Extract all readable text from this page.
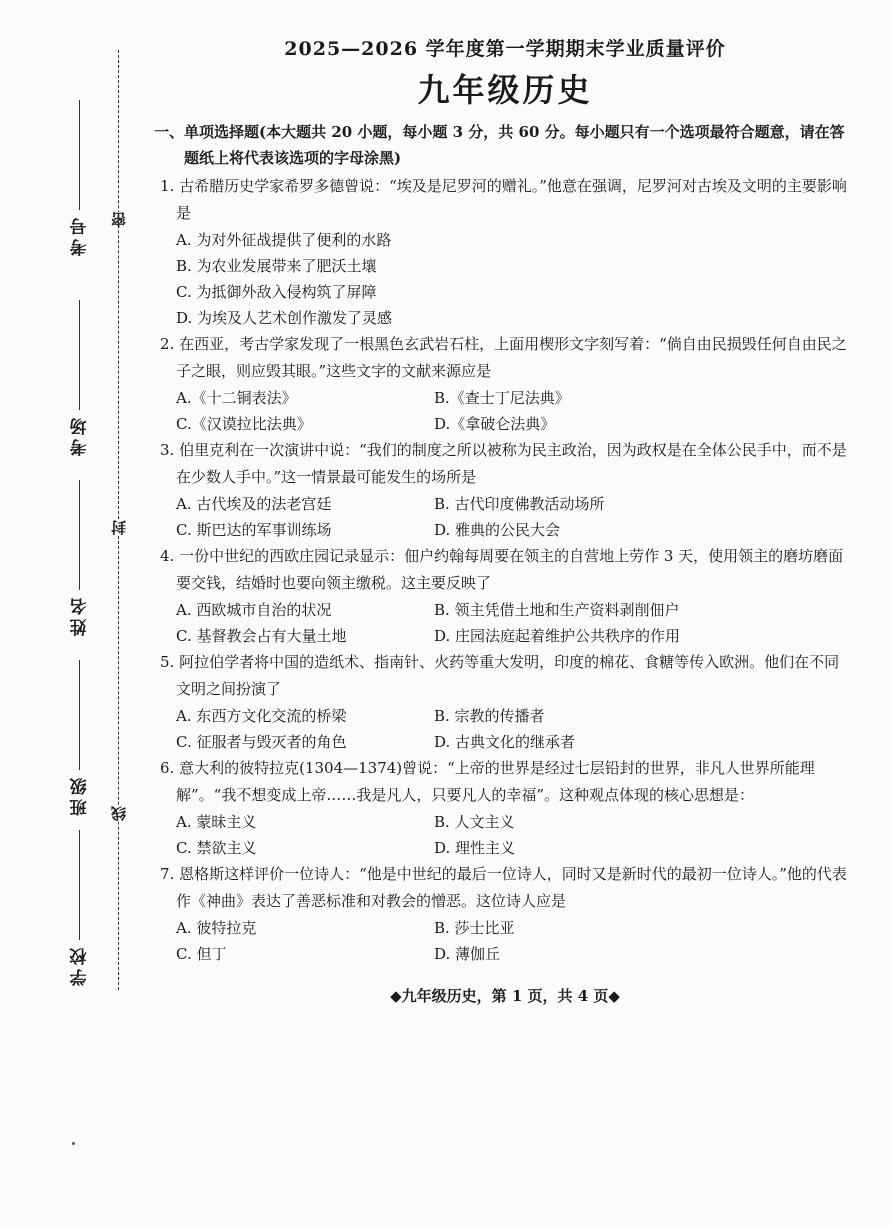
密
封
线
考号
考场
姓名
班级
学校
2025—2026 学年度第一学期期末学业质量评价
九年级历史
一、单项选择题(本大题共 20 小题，每小题 3 分，共 60 分。每小题只有一个选项最符合题意，请在答题纸上将代表该选项的字母涂黑)
1. 古希腊历史学家希罗多德曾说：“埃及是尼罗河的赠礼。”他意在强调，尼罗河对古埃及文明的主要影响是
A. 为对外征战提供了便利的水路
B. 为农业发展带来了肥沃土壤
C. 为抵御外敌入侵构筑了屏障
D. 为埃及人艺术创作激发了灵感
2. 在西亚，考古学家发现了一根黑色玄武岩石柱，上面用楔形文字刻写着：“倘自由民损毁任何自由民之子之眼，则应毁其眼。”这些文字的文献来源应是
A.《十二铜表法》	B.《查士丁尼法典》
C.《汉谟拉比法典》	D.《拿破仑法典》
3. 伯里克利在一次演讲中说：“我们的制度之所以被称为民主政治，因为政权是在全体公民手中，而不是在少数人手中。”这一情景最可能发生的场所是
A. 古代埃及的法老宫廷	B. 古代印度佛教活动场所
C. 斯巴达的军事训练场	D. 雅典的公民大会
4. 一份中世纪的西欧庄园记录显示：佃户约翰每周要在领主的自营地上劳作 3 天，使用领主的磨坊磨面要交钱，结婚时也要向领主缴税。这主要反映了
A. 西欧城市自治的状况	B. 领主凭借土地和生产资料剥削佃户
C. 基督教会占有大量土地	D. 庄园法庭起着维护公共秩序的作用
5. 阿拉伯学者将中国的造纸术、指南针、火药等重大发明，印度的棉花、食糖等传入欧洲。他们在不同文明之间扮演了
A. 东西方文化交流的桥梁	B. 宗教的传播者
C. 征服者与毁灭者的角色	D. 古典文化的继承者
6. 意大利的彼特拉克(1304—1374)曾说：“上帝的世界是经过七层铅封的世界，非凡人世界所能理解”。“我不想变成上帝……我是凡人，只要凡人的幸福”。这种观点体现的核心思想是：
A. 蒙昧主义	B. 人文主义
C. 禁欲主义	D. 理性主义
7. 恩格斯这样评价一位诗人：“他是中世纪的最后一位诗人，同时又是新时代的最初一位诗人。”他的代表作《神曲》表达了善恶标准和对教会的憎恶。这位诗人应是
A. 彼特拉克	B. 莎士比亚
C. 但丁	D. 薄伽丘
◆九年级历史，第 1 页，共 4 页◆
